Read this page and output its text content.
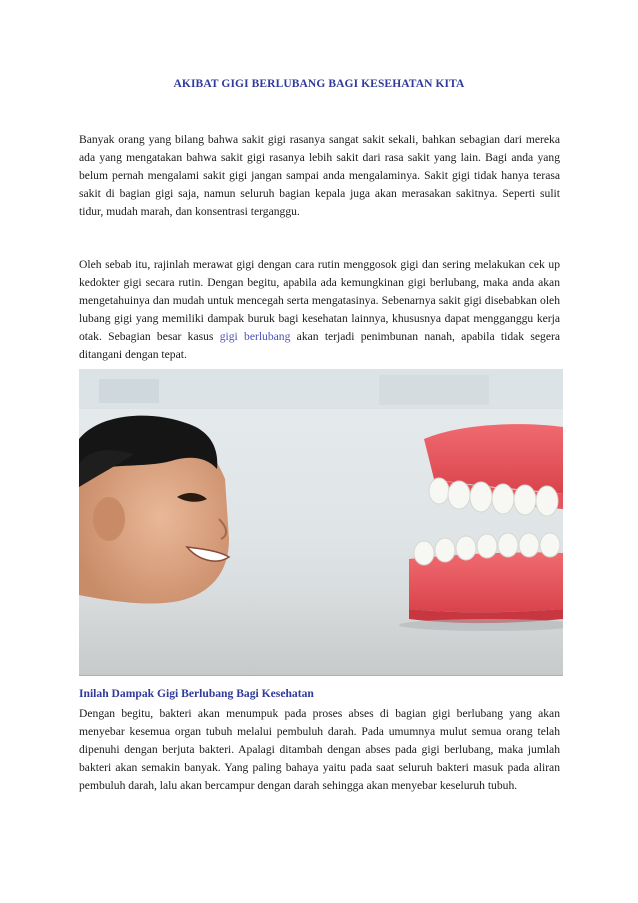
AKIBAT GIGI BERLUBANG BAGI KESEHATAN KITA

Banyak orang yang bilang bahwa sakit gigi rasanya sangat sakit sekali, bahkan sebagian dari mereka ada yang mengatakan bahwa sakit gigi rasanya lebih sakit dari rasa sakit yang lain. Bagi anda yang belum pernah mengalami sakit gigi jangan sampai anda mengalaminya. Sakit gigi tidak hanya terasa sakit di bagian gigi saja, namun seluruh bagian kepala juga akan merasakan sakitnya. Seperti sulit tidur, mudah marah, dan konsentrasi terganggu.

Oleh sebab itu, rajinlah merawat gigi dengan cara rutin menggosok gigi dan sering melakukan cek up kedokter gigi secara rutin. Dengan begitu, apabila ada kemungkinan gigi berlubang, maka anda akan mengetahuinya dan mudah untuk mencegah serta mengatasinya. Sebenarnya sakit gigi disebabkan oleh lubang gigi yang memiliki dampak buruk bagi kesehatan lainnya, khususnya dapat mengganggu kerja otak. Sebagian besar kasus gigi berlubang akan terjadi penimbunan nanah, apabila tidak segera ditangani dengan tepat.

Inilah Dampak Gigi Berlubang Bagi Kesehatan

Dengan begitu, bakteri akan menumpuk pada proses abses di bagian gigi berlubang yang akan menyebar kesemua organ tubuh melalui pembuluh darah. Pada umumnya mulut semua orang telah dipenuhi dengan berjuta bakteri. Apalagi ditambah dengan abses pada gigi berlubang, maka jumlah bakteri akan semakin banyak. Yang paling bahaya yaitu pada saat seluruh bakteri masuk pada aliran pembuluh darah, lalu akan bercampur dengan darah sehingga akan menyebar keseluruh tubuh.
